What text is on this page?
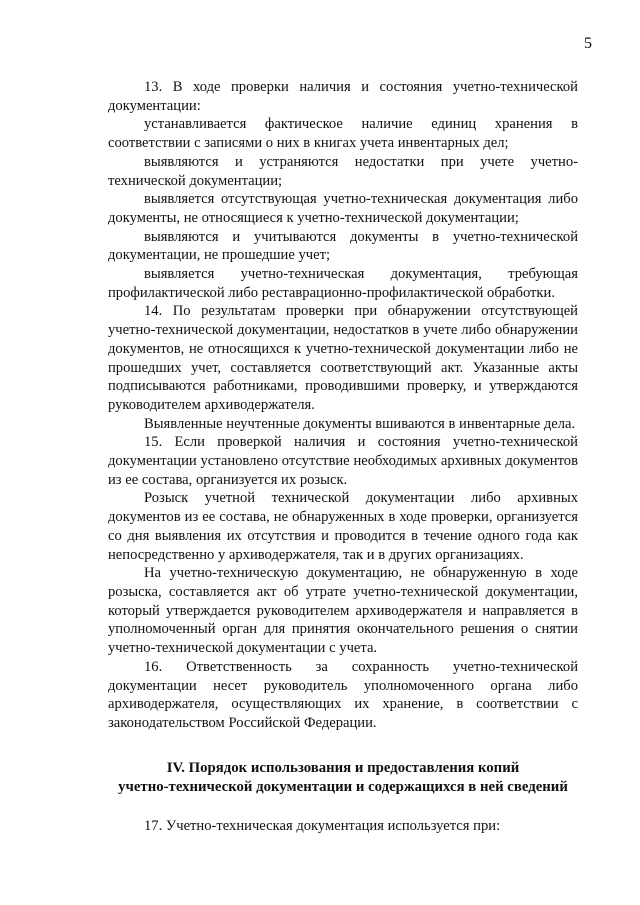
5

13. В ходе проверки наличия и состояния учетно-технической документации:

устанавливается фактическое наличие единиц хранения в соответствии с записями о них в книгах учета инвентарных дел;

выявляются и устраняются недостатки при учете учетно-технической документации;

выявляется отсутствующая учетно-техническая документация либо документы, не относящиеся к учетно-технической документации;

выявляются и учитываются документы в учетно-технической документации, не прошедшие учет;

выявляется учетно-техническая документация, требующая профилактической либо реставрационно-профилактической обработки.

14. По результатам проверки при обнаружении отсутствующей учетно-технической документации, недостатков в учете либо обнаружении документов, не относящихся к учетно-технической документации либо не прошедших учет, составляется соответствующий акт. Указанные акты подписываются работниками, проводившими проверку, и утверждаются руководителем архиводержателя.

Выявленные неучтенные документы вшиваются в инвентарные дела.

15. Если проверкой наличия и состояния учетно-технической документации установлено отсутствие необходимых архивных документов из ее состава, организуется их розыск.

Розыск учетной технической документации либо архивных документов из ее состава, не обнаруженных в ходе проверки, организуется со дня выявления их отсутствия и проводится в течение одного года как непосредственно у архиводержателя, так и в других организациях.

На учетно-техническую документацию, не обнаруженную в ходе розыска, составляется акт об утрате учетно-технической документации, который утверждается руководителем архиводержателя и направляется в уполномоченный орган для принятия окончательного решения о снятии учетно-технической документации с учета.

16. Ответственность за сохранность учетно-технической документации несет руководитель уполномоченного органа либо архиводержателя, осуществляющих их хранение, в соответствии с законодательством Российской Федерации.

IV. Порядок использования и предоставления копий
учетно-технической документации и содержащихся в ней сведений

17. Учетно-техническая документация используется при:
